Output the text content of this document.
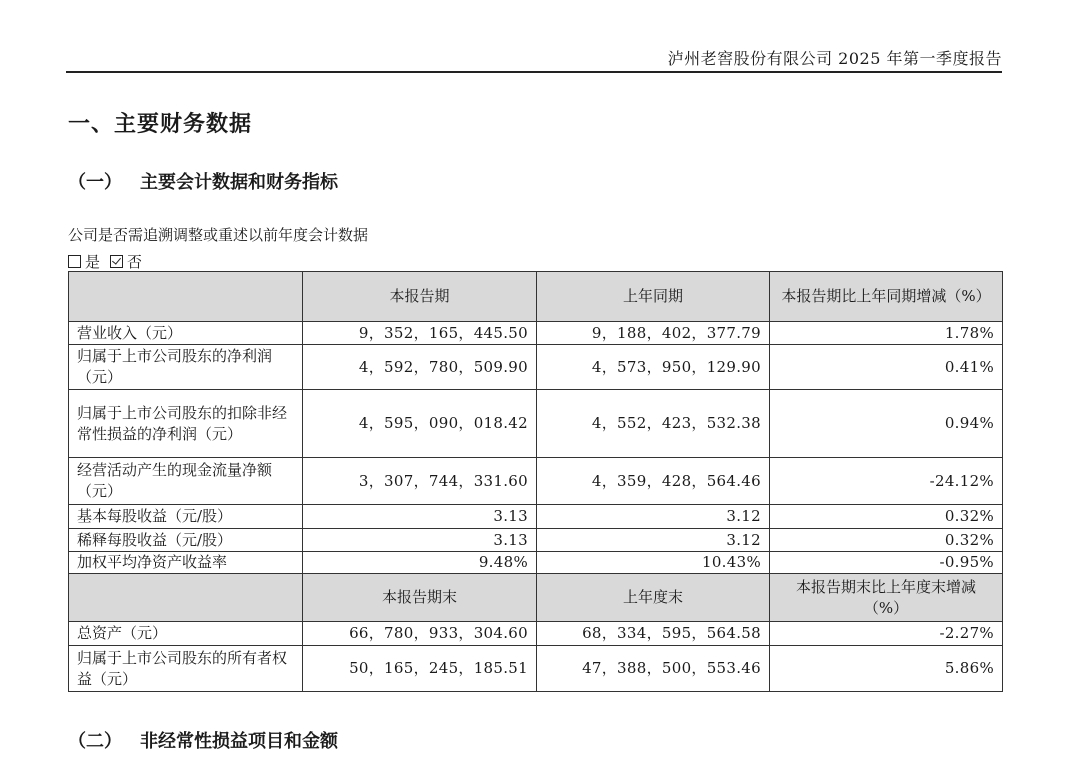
泸州老窖股份有限公司 2025 年第一季度报告
一、主要财务数据
（一） 主要会计数据和财务指标
公司是否需追溯调整或重述以前年度会计数据
是 否
	本报告期	上年同期	本报告期比上年同期增减（%）
营业收入（元）	9，352，165，445.50	9，188，402，377.79	1.78%
归属于上市公司股东的净利润（元）	4，592，780，509.90	4，573，950，129.90	0.41%
归属于上市公司股东的扣除非经常性损益的净利润（元）	4，595，090，018.42	4，552，423，532.38	0.94%
经营活动产生的现金流量净额（元）	3，307，744，331.60	4，359，428，564.46	-24.12%
基本每股收益（元/股）	3.13	3.12	0.32%
稀释每股收益（元/股）	3.13	3.12	0.32%
加权平均净资产收益率	9.48%	10.43%	-0.95%
	本报告期末	上年度末	本报告期末比上年度末增减（%）
总资产（元）	66，780，933，304.60	68，334，595，564.58	-2.27%
归属于上市公司股东的所有者权益（元）	50，165，245，185.51	47，388，500，553.46	5.86%
（二） 非经常性损益项目和金额
